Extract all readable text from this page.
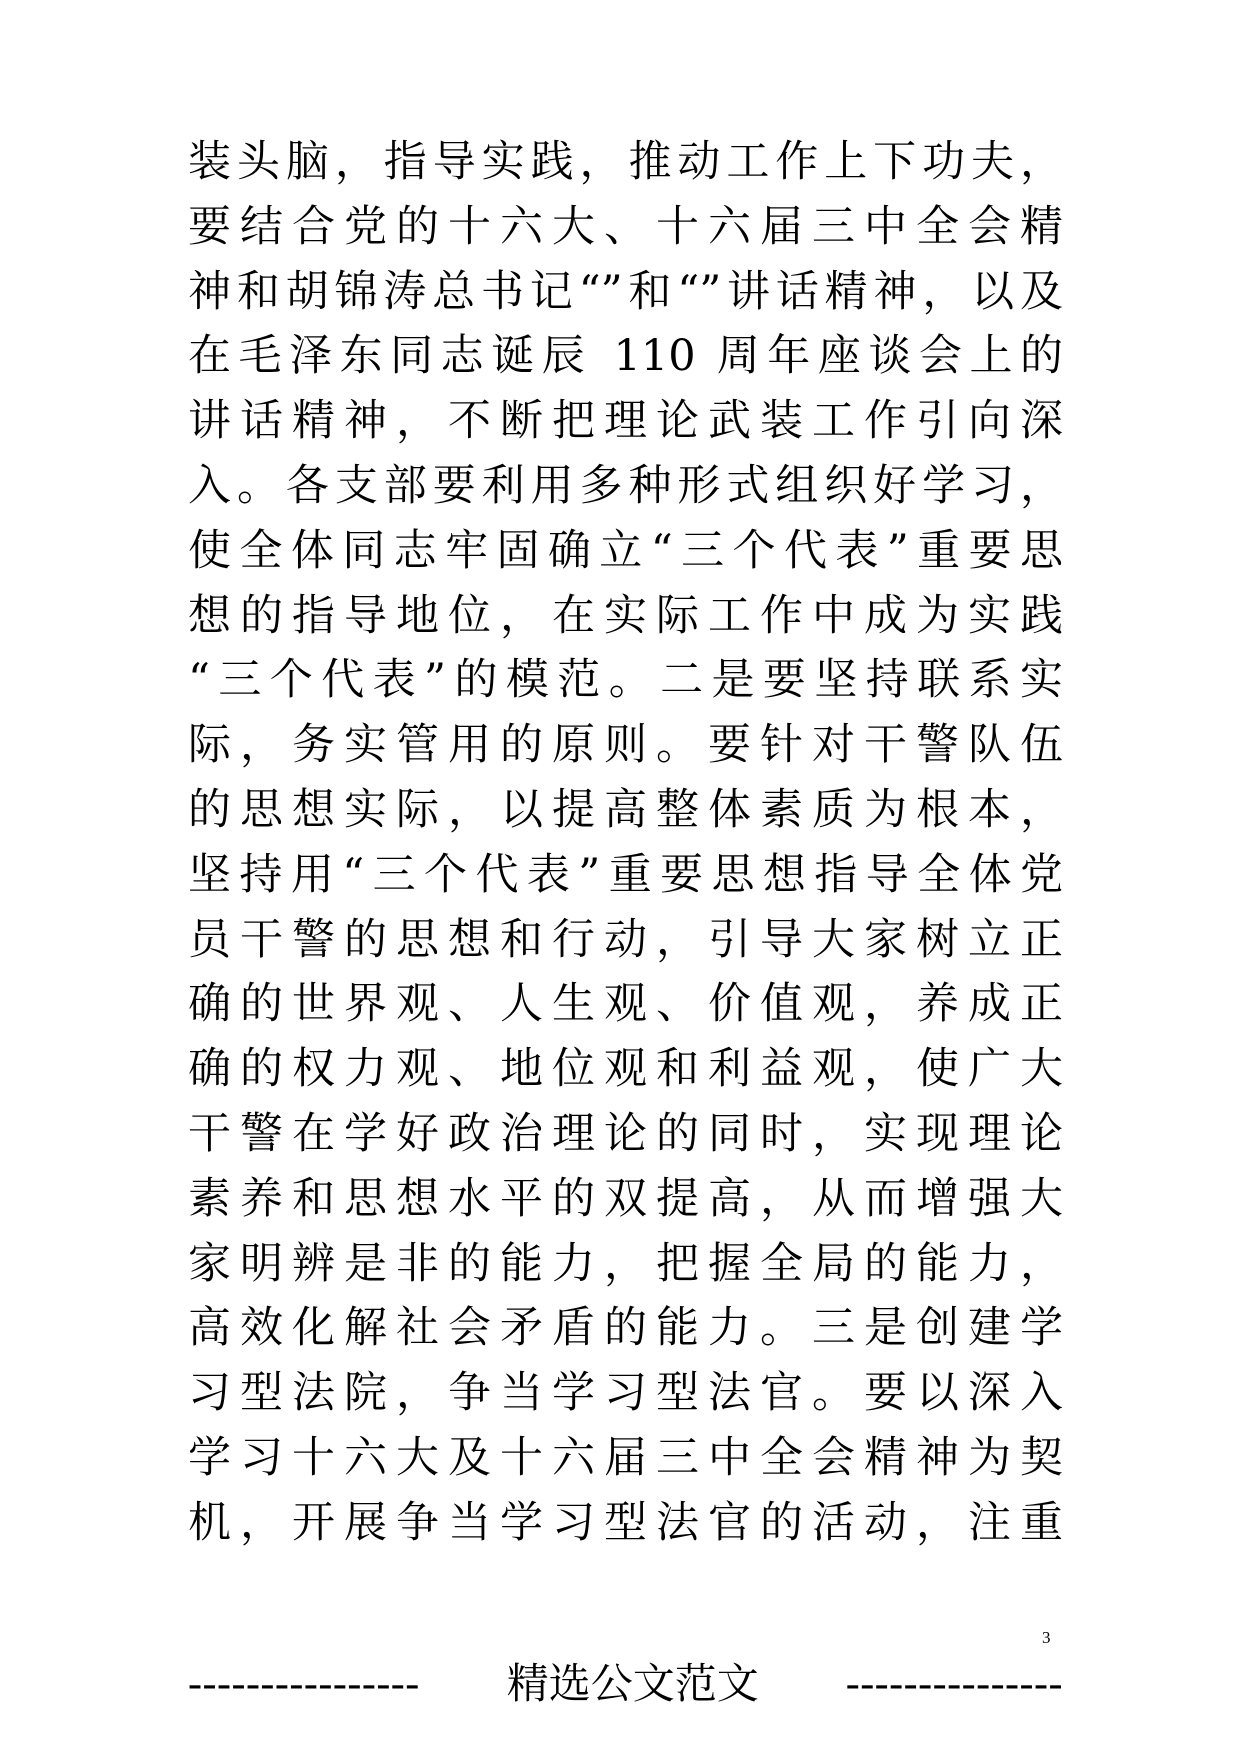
装头脑，指导实践，推动工作上下功夫，
要结合党的十六大、十六届三中全会精
神和胡锦涛总书记“”和“”讲话精神，以及
在毛泽东同志诞辰 110 周年座谈会上的
讲话精神，不断把理论武装工作引向深
入。各支部要利用多种形式组织好学习，
使全体同志牢固确立“三个代表”重要思
想的指导地位，在实际工作中成为实践
“三个代表”的模范。二是要坚持联系实
际，务实管用的原则。要针对干警队伍
的思想实际，以提高整体素质为根本，
坚持用“三个代表”重要思想指导全体党
员干警的思想和行动，引导大家树立正
确的世界观、人生观、价值观，养成正
确的权力观、地位观和利益观，使广大
干警在学好政治理论的同时，实现理论
素养和思想水平的双提高，从而增强大
家明辨是非的能力，把握全局的能力，
高效化解社会矛盾的能力。三是创建学
习型法院，争当学习型法官。要以深入
学习十六大及十六届三中全会精神为契
机，开展争当学习型法官的活动，注重
3
---------------- 精选公文范文 ---------------
